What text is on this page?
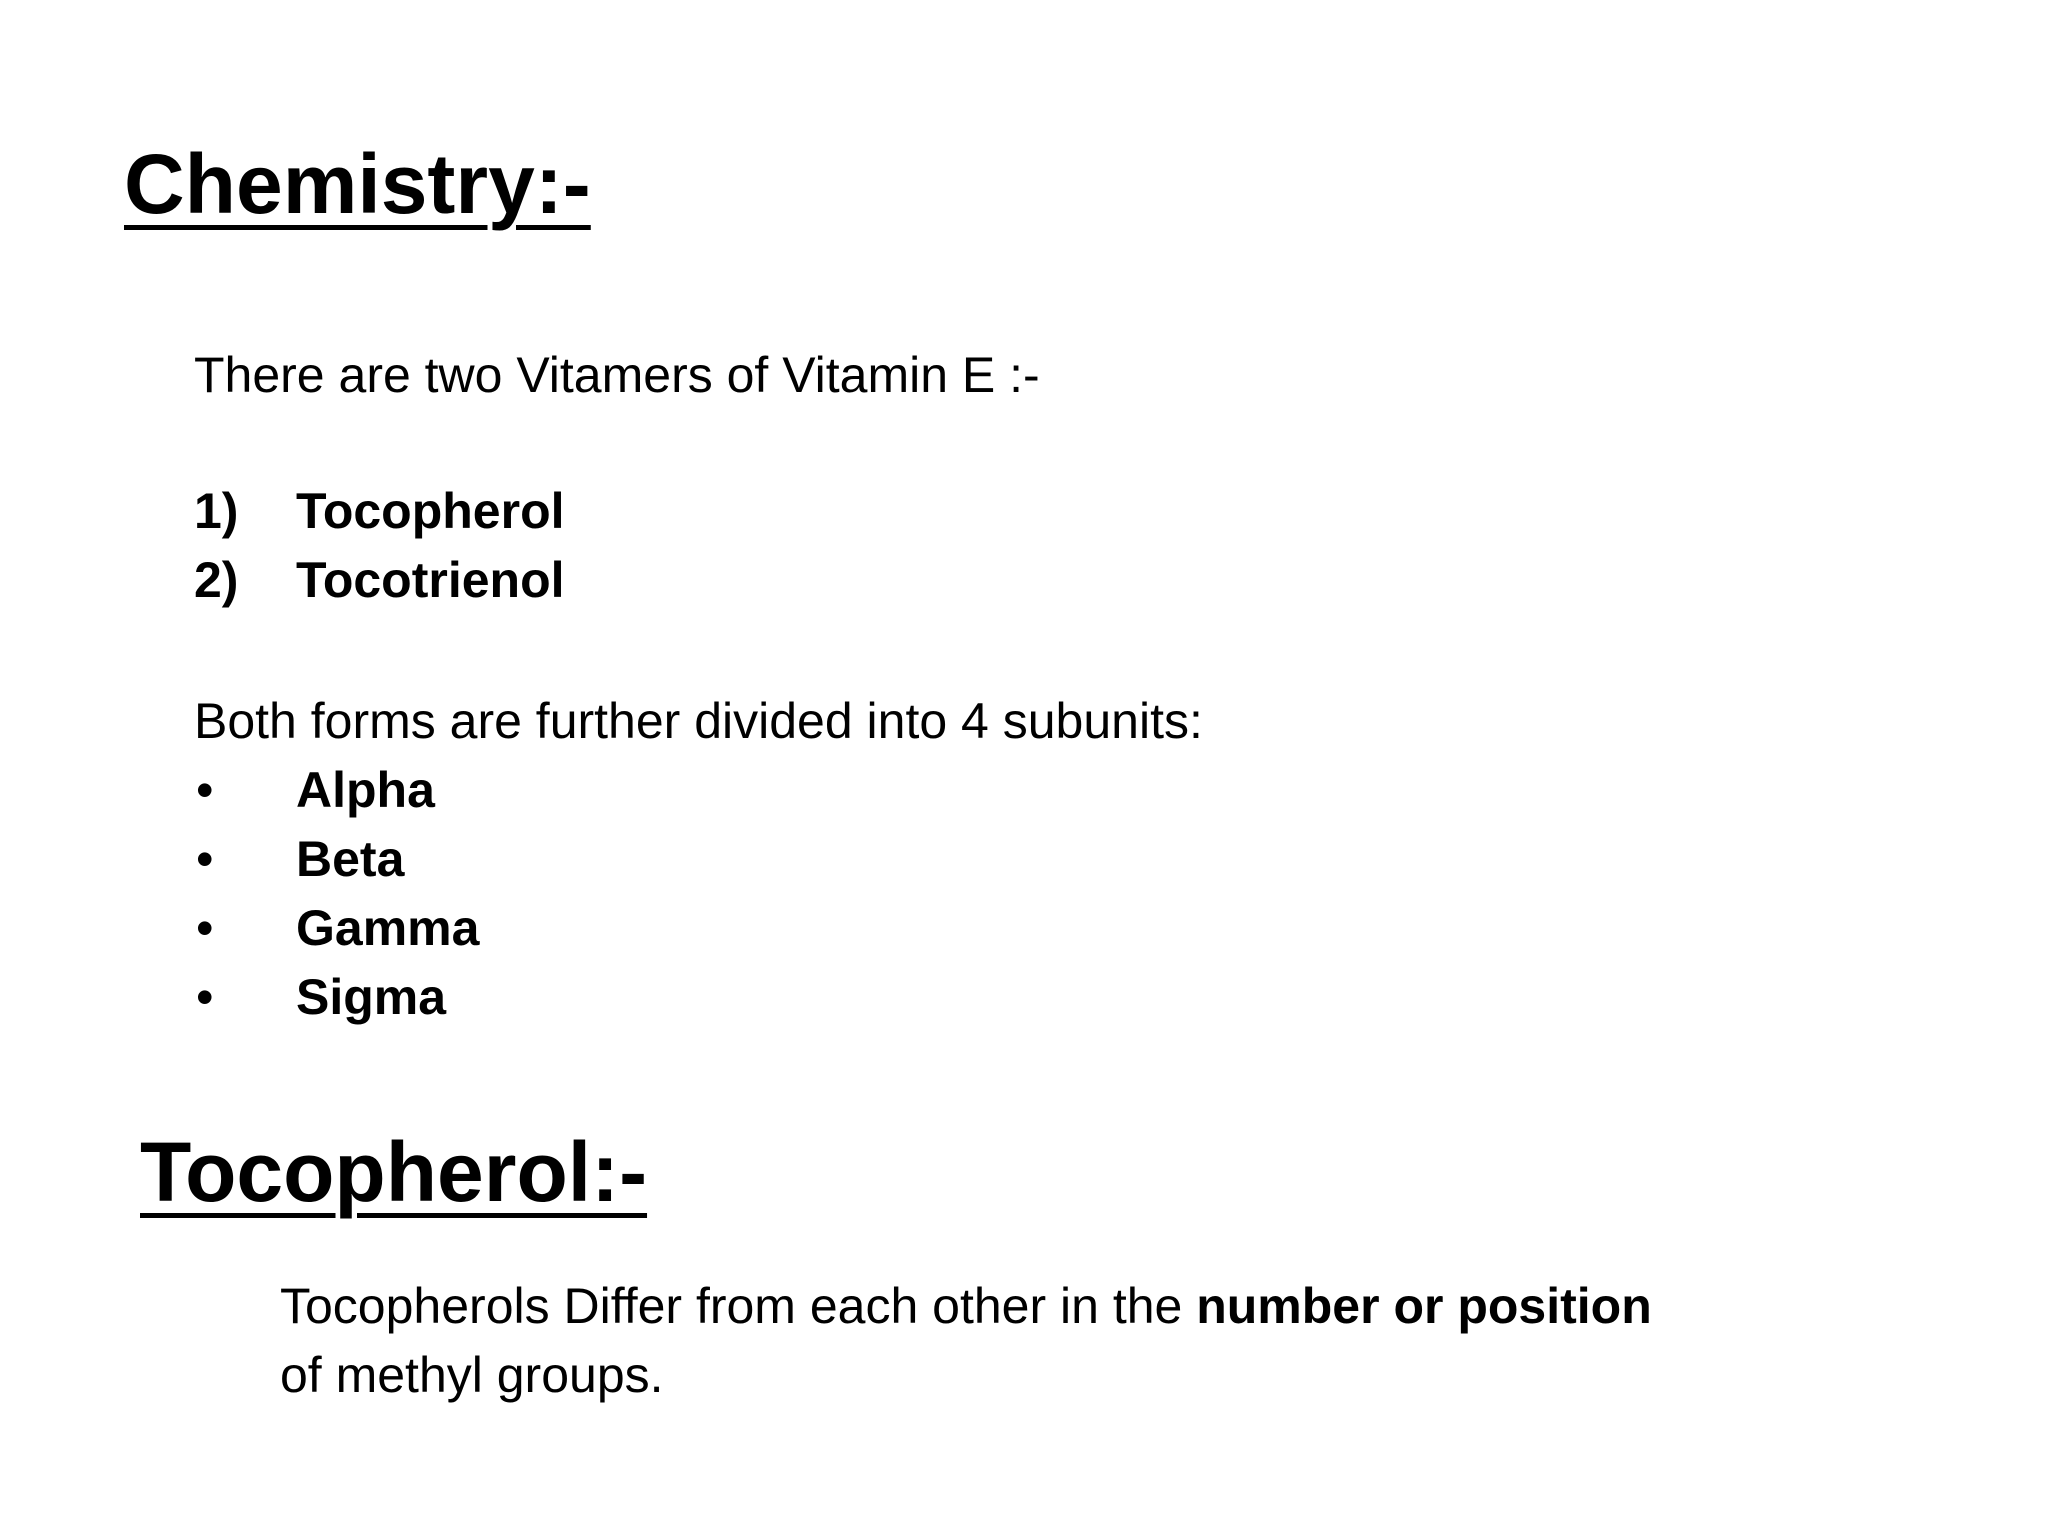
Chemistry:-

There are two Vitamers of Vitamin E :-

1) Tocopherol
2) Tocotrienol

Both forms are further divided into 4 subunits:

• Alpha
• Beta
• Gamma
• Sigma
Tocopherol:-

Tocopherols Differ from each other in the number or position
of methyl groups.
